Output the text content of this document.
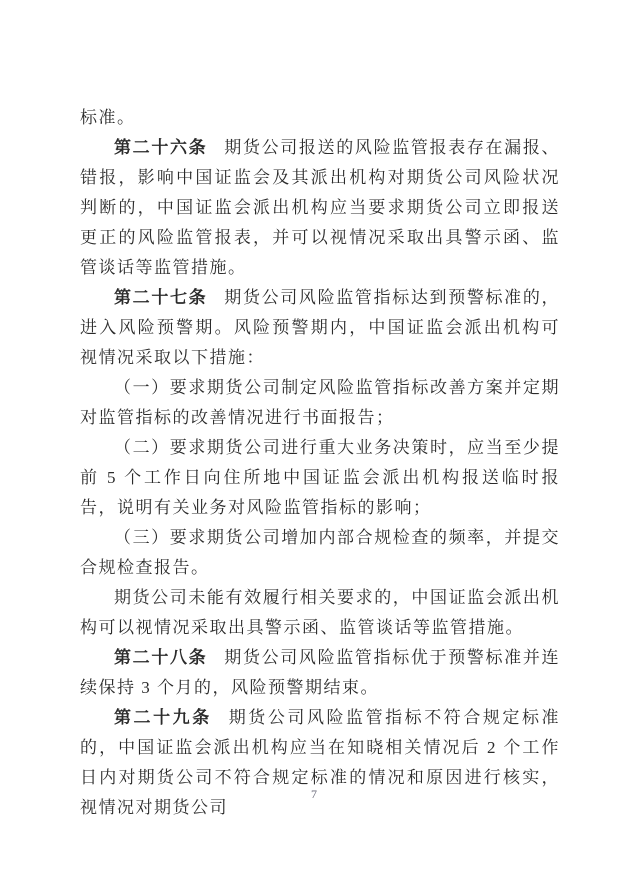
标准。

第二十六条 期货公司报送的风险监管报表存在漏报、错报，影响中国证监会及其派出机构对期货公司风险状况判断的，中国证监会派出机构应当要求期货公司立即报送更正的风险监管报表，并可以视情况采取出具警示函、监管谈话等监管措施。

第二十七条 期货公司风险监管指标达到预警标准的，进入风险预警期。风险预警期内，中国证监会派出机构可视情况采取以下措施：

（一）要求期货公司制定风险监管指标改善方案并定期对监管指标的改善情况进行书面报告；

（二）要求期货公司进行重大业务决策时，应当至少提前 5 个工作日向住所地中国证监会派出机构报送临时报告，说明有关业务对风险监管指标的影响；

（三）要求期货公司增加内部合规检查的频率，并提交合规检查报告。

期货公司未能有效履行相关要求的，中国证监会派出机构可以视情况采取出具警示函、监管谈话等监管措施。

第二十八条 期货公司风险监管指标优于预警标准并连续保持 3 个月的，风险预警期结束。

第二十九条 期货公司风险监管指标不符合规定标准的，中国证监会派出机构应当在知晓相关情况后 2 个工作日内对期货公司不符合规定标准的情况和原因进行核实，视情况对期货公司

7
